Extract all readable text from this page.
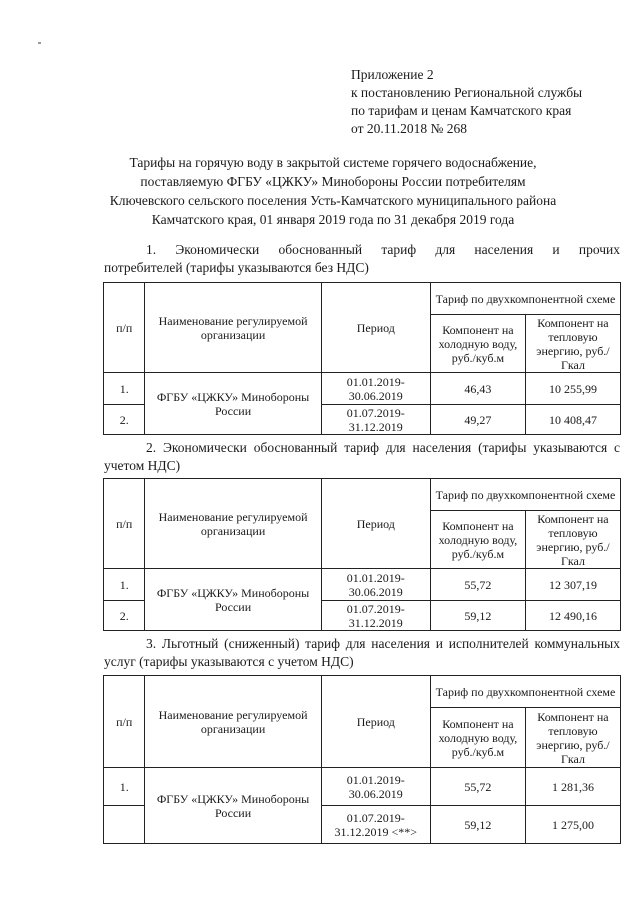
Приложение 2
к постановлению Региональной службы
по тарифам и ценам Камчатского края
от 20.11.2018 № 268
Тарифы на горячую воду в закрытой системе горячего водоснабжение,
поставляемую ФГБУ «ЦЖКУ» Минобороны России потребителям
Ключевского сельского поселения Усть-Камчатского муниципального района
Камчатского края, 01 января 2019 года по 31 декабря 2019 года
1. Экономически обоснованный тариф для населения и прочих
потребителей (тарифы указываются без НДС)
п/п	Наименование регулируемой организации	Период	Тариф по двухкомпонентной схеме	
			Компонент на холодную воду, руб./куб.м	Компонент на тепловую энергию, руб./Гкал
1.	ФГБУ «ЦЖКУ» Минобороны России	01.01.2019-30.06.2019	46,43	10 255,99
2.		01.07.2019-31.12.2019	49,27	10 408,47
2. Экономически обоснованный тариф для населения (тарифы указываются с
учетом НДС)
п/п	Наименование регулируемой организации	Период	Тариф по двухкомпонентной схеме	
			Компонент на холодную воду, руб./куб.м	Компонент на тепловую энергию, руб./Гкал
1.	ФГБУ «ЦЖКУ» Минобороны России	01.01.2019-30.06.2019	55,72	12 307,19
2.		01.07.2019-31.12.2019	59,12	12 490,16
3. Льготный (сниженный) тариф для населения и исполнителей коммунальных
услуг (тарифы указываются с учетом НДС)
п/п	Наименование регулируемой организации	Период	Тариф по двухкомпонентной схеме	
			Компонент на холодную воду, руб./куб.м	Компонент на тепловую энергию, руб./Гкал
1.	ФГБУ «ЦЖКУ» Минобороны России	01.01.2019-30.06.2019	55,72	1 281,36
		01.07.2019-31.12.2019 <**>	59,12	1 275,00
